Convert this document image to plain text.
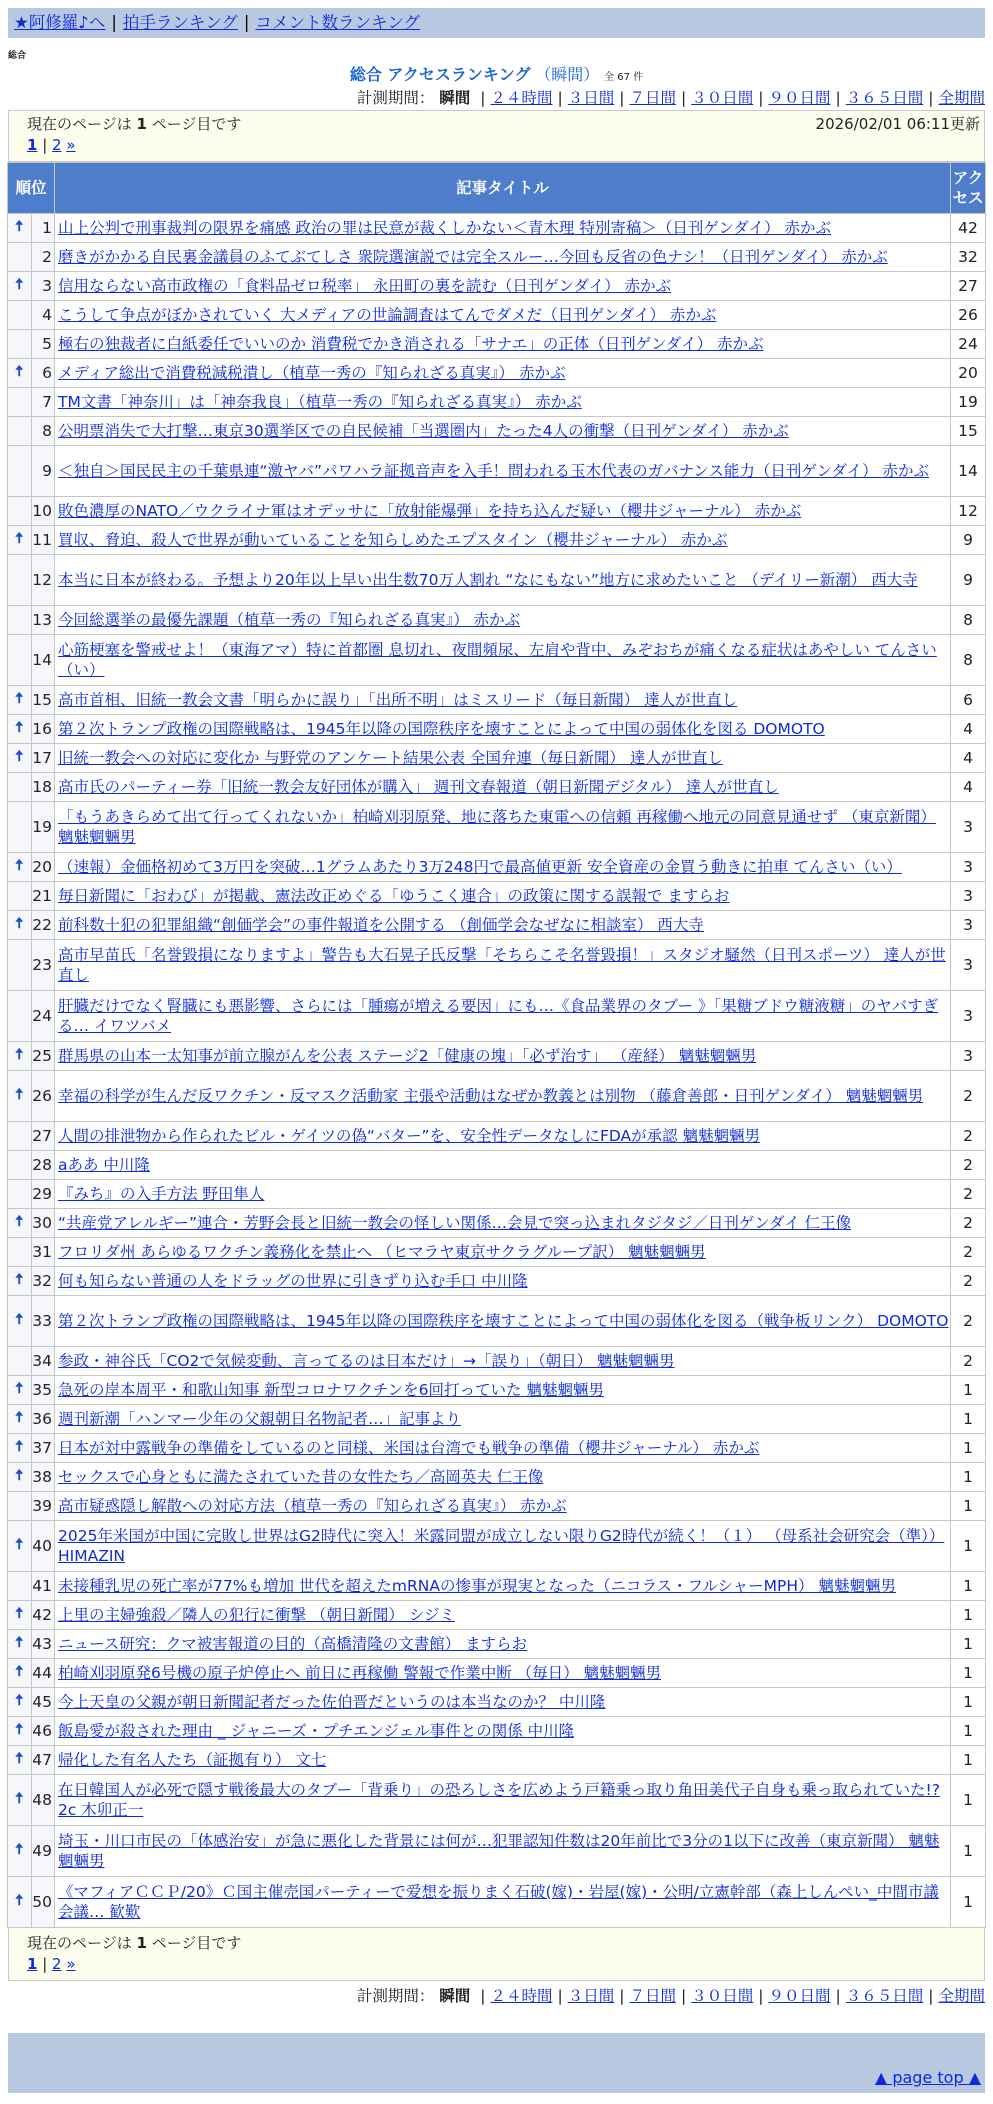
★阿修羅♪へ | 拍手ランキング | コメント数ランキング
総合
総合 アクセスランキング （瞬間） 全 67 件
計測期間： 瞬間 | ２４時間 | ３日間 | ７日間 | ３０日間 | ９０日間 | ３６５日間 | 全期間
現在のページは 1 ページ目です	2026/02/01 06:11更新
1 | 2 »
順位		記事タイトル	アクセス
🠅	1	山上公判で刑事裁判の限界を痛感 政治の罪は民意が裁くしかない＜青木理 特別寄稿＞（日刊ゲンダイ） 赤かぶ	42
	2	磨きがかかる自民裏金議員のふてぶてしさ 衆院選演説では完全スルー…今回も反省の色ナシ！（日刊ゲンダイ） 赤かぶ	32
🠅	3	信用ならない高市政権の「食料品ゼロ税率」 永田町の裏を読む（日刊ゲンダイ） 赤かぶ	27
	4	こうして争点がぼかされていく 大メディアの世論調査はてんでダメだ（日刊ゲンダイ） 赤かぶ	26
	5	極右の独裁者に白紙委任でいいのか 消費税でかき消される「サナエ」の正体（日刊ゲンダイ） 赤かぶ	24
🠅	6	メディア総出で消費税減税潰し（植草一秀の『知られざる真実』） 赤かぶ	20
	7	TM文書「神奈川」は「神奈我良」（植草一秀の『知られざる真実』） 赤かぶ	19
	8	公明票消失で大打撃…東京30選挙区での自民候補「当選圏内」たった4人の衝撃（日刊ゲンダイ） 赤かぶ	15
	9	＜独自＞国民民主の千葉県連“激ヤバ”パワハラ証拠音声を入手！問われる玉木代表のガバナンス能力（日刊ゲンダイ） 赤かぶ	14
	10	敗色濃厚のNATO／ウクライナ軍はオデッサに「放射能爆弾」を持ち込んだ疑い（櫻井ジャーナル） 赤かぶ	12
🠅	11	買収、脅迫、殺人で世界が動いていることを知らしめたエプスタイン（櫻井ジャーナル） 赤かぶ	9
	12	本当に日本が終わる。予想より20年以上早い出生数70万人割れ “なにもない”地方に求めたいこと （デイリー新潮） 西大寺	9
	13	今回総選挙の最優先課題（植草一秀の『知られざる真実』） 赤かぶ	8
	14	心筋梗塞を警戒せよ！（東海アマ）特に首都圏 息切れ、夜間頻尿、左肩や背中、みぞおちが痛くなる症状はあやしい てんさい（い）	8
🠅	15	高市首相、旧統一教会文書「明らかに誤り」「出所不明」はミスリード（毎日新聞） 達人が世直し	6
🠅	16	第２次トランプ政権の国際戦略は、1945年以降の国際秩序を壊すことによって中国の弱体化を図る DOMOTO	4
🠅	17	旧統一教会への対応に変化か 与野党のアンケート結果公表 全国弁連（毎日新聞） 達人が世直し	4
	18	高市氏のパーティー券「旧統一教会友好団体が購入」 週刊文春報道（朝日新聞デジタル） 達人が世直し	4
	19	「もうあきらめて出て行ってくれないか」柏崎刈羽原発、地に落ちた東電への信頼 再稼働へ地元の同意見通せず （東京新聞） 魑魅魍魎男	3
🠅	20	（速報）金価格初めて3万円を突破…1グラムあたり3万248円で最高値更新 安全資産の金買う動きに拍車 てんさい（い）	3
	21	毎日新聞に「おわび」が掲載、憲法改正めぐる「ゆうこく連合」の政策に関する誤報で ますらお	3
🠅	22	前科数十犯の犯罪組織“創価学会”の事件報道を公開する （創価学会なぜなに相談室） 西大寺	3
	23	高市早苗氏「名誉毀損になりますよ」警告も大石晃子氏反撃「そちらこそ名誉毀損！」スタジオ騒然（日刊スポーツ） 達人が世直し	3
	24	肝臓だけでなく腎臓にも悪影響、さらには「腫瘍が増える要因」にも…《食品業界のタブー 》「果糖ブドウ糖液糖」のヤバすぎる… イワツバメ	3
🠅	25	群馬県の山本一太知事が前立腺がんを公表 ステージ2「健康の塊」「必ず治す」 （産経） 魑魅魍魎男	3
🠅	26	幸福の科学が生んだ反ワクチン・反マスク活動家 主張や活動はなぜか教義とは別物 （藤倉善郎・日刊ゲンダイ） 魑魅魍魎男	2
	27	人間の排泄物から作られたビル・ゲイツの偽“バター”を、安全性データなしにFDAが承認 魑魅魍魎男	2
	28	aああ 中川隆	2
	29	『みち』の入手方法 野田隼人	2
🠅	30	“共産党アレルギー”連合・芳野会長と旧統一教会の怪しい関係…会見で突っ込まれタジタジ／日刊ゲンダイ 仁王像	2
	31	フロリダ州 あらゆるワクチン義務化を禁止へ （ヒマラヤ東京サクラグループ訳） 魑魅魍魎男	2
🠅	32	何も知らない普通の人をドラッグの世界に引きずり込む手口 中川隆	2
🠅	33	第２次トランプ政権の国際戦略は、1945年以降の国際秩序を壊すことによって中国の弱体化を図る（戦争板リンク） DOMOTO	2
	34	参政・神谷氏「CO2で気候変動、言ってるのは日本だけ」→「誤り」（朝日） 魑魅魍魎男	2
🠅	35	急死の岸本周平・和歌山知事 新型コロナワクチンを6回打っていた 魑魅魍魎男	1
🠅	36	週刊新潮「ハンマー少年の父親朝日名物記者…」記事より	1
🠅	37	日本が対中露戦争の準備をしているのと同様、米国は台湾でも戦争の準備（櫻井ジャーナル） 赤かぶ	1
🠅	38	セックスで心身ともに満たされていた昔の女性たち／高岡英夫 仁王像	1
	39	高市疑惑隠し解散への対応方法（植草一秀の『知られざる真実』） 赤かぶ	1
🠅	40	2025年米国が中国に完敗し世界はG2時代に突入！米露同盟が成立しない限りG2時代が続く！（１） （母系社会研究会（準）） HIMAZIN	1
	41	未接種乳児の死亡率が77%も増加 世代を超えたmRNAの惨事が現実となった（ニコラス・フルシャーMPH） 魑魅魍魎男	1
🠅	42	上里の主婦強殺／隣人の犯行に衝撃 （朝日新聞） シジミ	1
🠅	43	ニュース研究：クマ被害報道の目的（高橋清隆の文書館） ますらお	1
🠅	44	柏崎刈羽原発6号機の原子炉停止へ 前日に再稼働 警報で作業中断 （毎日） 魑魅魍魎男	1
🠅	45	今上天皇の父親が朝日新聞記者だった佐伯晋だというのは本当なのか？ 中川隆	1
🠅	46	飯島愛が殺された理由 _ ジャニーズ・プチエンジェル事件との関係 中川隆	1
🠅	47	帰化した有名人たち（証拠有り） 文七	1
🠅	48	在日韓国人が必死で隠す戦後最大のタブー「背乗り」の恐ろしさを広めよう戸籍乗っ取り角田美代子自身も乗っ取られていた!?2c 木卯正一	1
🠅	49	埼玉・川口市民の「体感治安」が急に悪化した背景には何が…犯罪認知件数は20年前比で3分の1以下に改善（東京新聞） 魑魅魍魎男	1
🠅	50	《マフィアＣＣＰ/20》Ｃ国主催売国パーティーで爱想を振りまく石破(嫁)・岩屋(嫁)・公明/立憲幹部（森上しんぺい_中間市議会議… 歓歎	1
現在のページは 1 ページ目です
1 | 2 »
計測期間： 瞬間 | ２４時間 | ３日間 | ７日間 | ３０日間 | ９０日間 | ３６５日間 | 全期間
▲ page top ▲
